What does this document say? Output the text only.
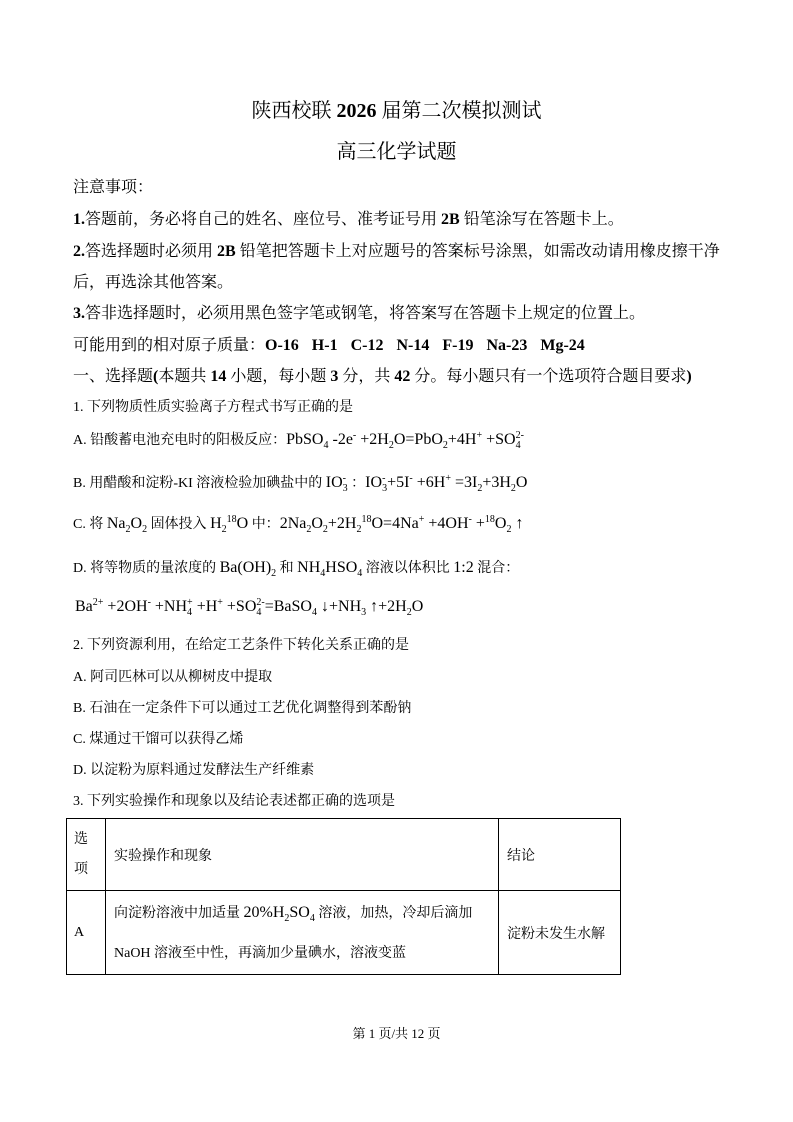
陕西校联 2026 届第二次模拟测试
高三化学试题
注意事项：
1.答题前，务必将自己的姓名、座位号、准考证号用 2B 铅笔涂写在答题卡上。
2.答选择题时必须用 2B 铅笔把答题卡上对应题号的答案标号涂黑，如需改动请用橡皮擦干净
后，再选涂其他答案。
3.答非选择题时，必须用黑色签字笔或钢笔，将答案写在答题卡上规定的位置上。
可能用到的相对原子质量：O-16 H-1 C-12 N-14 F-19 Na-23 Mg-24
一、选择题(本题共 14 小题，每小题 3 分，共 42 分。每小题只有一个选项符合题目要求)
1. 下列物质性质实验离子方程式书写正确的是
A. 铅酸蓄电池充电时的阳极反应：PbSO$_4$ $-2e^- +2H_2O=PbO_2+4H^+ +SO$ 2-
4
B. 用醋酸和淀粉-KI 溶液检验加碘盐中的 IO -
3 ：IO -
$3 +5I^- +6H^+ =3I_2+3H_2O$
C. 将 $Na_2O_2$ 固体投入 $H_2^{18}O$ 中：$2Na_2O_2+2H_2^{18}O=4Na^+ +4OH^- +^{18}O_2$ ↑
D. 将等物质的量浓度的 $Ba(OH)_2$ 和 $NH_4HSO_4$ 溶液以体积比 1:2 混合：
$Ba^{2+} +2OH^- +NH$ +
4 +H+ +SO 2-
4 =BaSO$_4$ $↓+NH_3$ $↑+2H_2O$
2. 下列资源利用，在给定工艺条件下转化关系正确的是
A. 阿司匹林可以从柳树皮中提取
B. 石油在一定条件下可以通过工艺优化调整得到苯酚钠
C. 煤通过干馏可以获得乙烯
D. 以淀粉为原料通过发酵法生产纤维素
3. 下列实验操作和现象以及结论表述都正确的选项是
选项	实验操作和现象	结论
A	向淀粉溶液中加适量 $20\%H_2SO_4$ 溶液，加热，冷却后滴加
NaOH 溶液至中性，再滴加少量碘水，溶液变蓝	淀粉未发生水解
第 1 页/共 12 页
